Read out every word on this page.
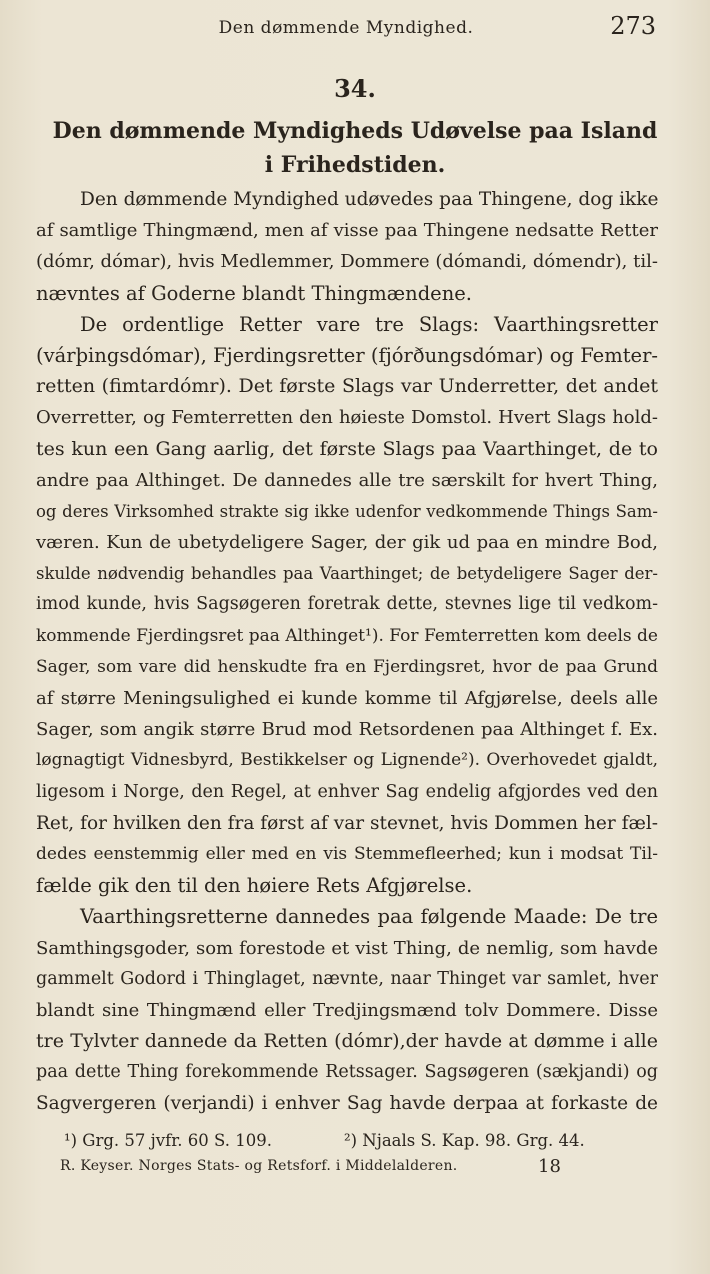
Den dømmende Myndighed.	273
34.
Den dømmende Myndigheds Udøvelse paa Island i Frihedstiden.
Den dømmende Myndighed udøvedes paa Thingene, dog ikke
af samtlige Thingmænd, men af visse paa Thingene nedsatte Retter
(dómr, dómar), hvis Medlemmer, Dommere (dómandi, dómendr), til-
nævntes af Goderne blandt Thingmændene.
De ordentlige Retter vare tre Slags: Vaarthingsretter
(várþingsdómar), Fjerdingsretter (fjórðungsdómar) og Femter-
retten (fimtardómr). Det første Slags var Underretter, det andet
Overretter, og Femterretten den høieste Domstol. Hvert Slags hold-
tes kun een Gang aarlig, det første Slags paa Vaarthinget, de to
andre paa Althinget. De dannedes alle tre særskilt for hvert Thing,
og deres Virksomhed strakte sig ikke udenfor vedkommende Things Sam-
væren. Kun de ubetydeligere Sager, der gik ud paa en mindre Bod,
skulde nødvendig behandles paa Vaarthinget; de betydeligere Sager der-
imod kunde, hvis Sagsøgeren foretrak dette, stevnes lige til vedkom-
kommende Fjerdingsret paa Althinget¹). For Femterretten kom deels de
Sager, som vare did henskudte fra en Fjerdingsret, hvor de paa Grund
af større Meningsulighed ei kunde komme til Afgjørelse, deels alle
Sager, som angik større Brud mod Retsordenen paa Althinget f. Ex.
løgnagtigt Vidnesbyrd, Bestikkelser og Lignende²). Overhovedet gjaldt,
ligesom i Norge, den Regel, at enhver Sag endelig afgjordes ved den
Ret, for hvilken den fra først af var stevnet, hvis Dommen her fæl-
dedes eenstemmig eller med en vis Stemmefleerhed; kun i modsat Til-
fælde gik den til den høiere Rets Afgjørelse.
Vaarthingsretterne dannedes paa følgende Maade: De tre
Samthingsgoder, som forestode et vist Thing, de nemlig, som havde
gammelt Godord i Thinglaget, nævnte, naar Thinget var samlet, hver
blandt sine Thingmænd eller Tredjingsmænd tolv Dommere. Disse
tre Tylvter dannede da Retten (dómr),der havde at dømme i alle
paa dette Thing forekommende Retssager. Sagsøgeren (sækjandi) og
Sagvergeren (verjandi) i enhver Sag havde derpaa at forkaste de
¹) Grg. 57 jvfr. 60 S. 109.	²) Njaals S. Kap. 98. Grg. 44.
R. Keyser. Norges Stats- og Retsforf. i Middelalderen.	18
